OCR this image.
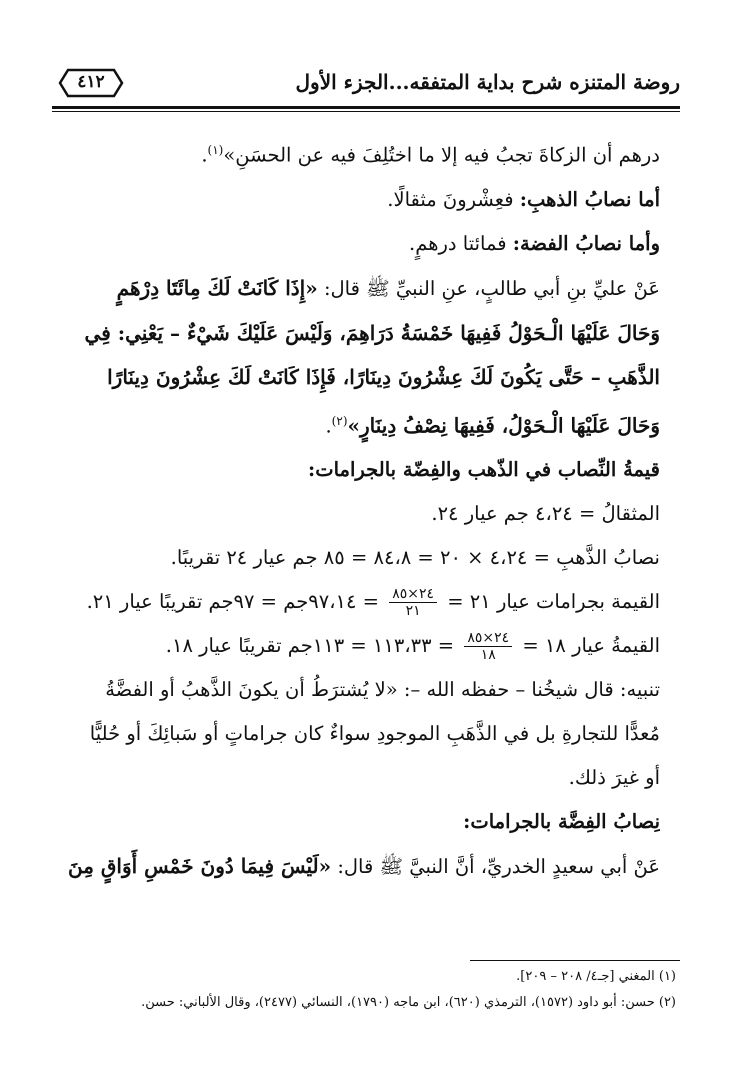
روضة المتنزه شرح بداية المتفقه...الجزء الأول
٤١٢
درهم أن الزكاةَ تجبُ فيه إلا ما اختُلِفَ فيه عن الحسَنِ»$^{(١)}$.
أما نصابُ الذهبِ: فعِشْرونَ مثقالًا.
وأما نصابُ الفضة: فمائتا درهمٍ.
عَنْ عليِّ بنِ أبي طالبٍ، عنِ النبيِّ ﷺ قال: «إِذَا كَانَتْ لَكَ مِائَتَا دِرْهَمٍ
وَحَالَ عَلَيْهَا الْـحَوْلُ فَفِيهَا خَمْسَةُ دَرَاهِمَ، وَلَيْسَ عَلَيْكَ شَيْءٌ – يَعْنِي: فِي
الذَّهَبِ – حَتَّى يَكُونَ لَكَ عِشْرُونَ دِينَارًا، فَإِذَا كَانَتْ لَكَ عِشْرُونَ دِينَارًا
وَحَالَ عَلَيْهَا الْـحَوْلُ، فَفِيهَا نِصْفُ دِينَارٍ»$^{(٢)}$.
قيمةُ النِّصاب في الذّهب والفِضّة بالجرامات:
المثقالُ = ٤،٢٤ جم عيار ٢٤.
نصابُ الذَّهبِ = ٤،٢٤ × ٢٠ = ٨٤،٨ = ٨٥ جم عيار ٢٤ تقريبًا.
القيمة بجرامات عيار ٢١ =
$\frac{٢٤\times ٨٥}{٢١}$
= ٩٧،١٤جم = ٩٧جم تقريبًا عيار ٢١.
القيمةُ عيار ١٨ =
$\frac{٢٤\times ٨٥}{١٨}$
= ١١٣،٣٣ = ١١٣جم تقريبًا عيار ١٨.
تنبيه: قال شيخُنا – حفظه الله –: «لا يُشترَطُ أن يكونَ الذَّهبُ أو الفضَّةُ
مُعدًّا للتجارةِ بل في الذَّهَبِ الموجودِ سواءٌ كان جراماتٍ أو سَبائِكَ أو حُليًّا
أو غيرَ ذلك.
نِصابُ الفِضَّة بالجرامات:
عَنْ أبي سعيدٍ الخدريِّ، أنَّ النبيَّ ﷺ قال: «لَيْسَ فِيمَا دُونَ خَمْسِ أَوَاقٍ مِنَ
(١) المغني [جـ٤/ ٢٠٨ – ٢٠٩].
(٢) حسن: أبو داود (١٥٧٢)، الترمذي (٦٢٠)، ابن ماجه (١٧٩٠)، النسائي (٢٤٧٧)، وقال الألباني: حسن.
